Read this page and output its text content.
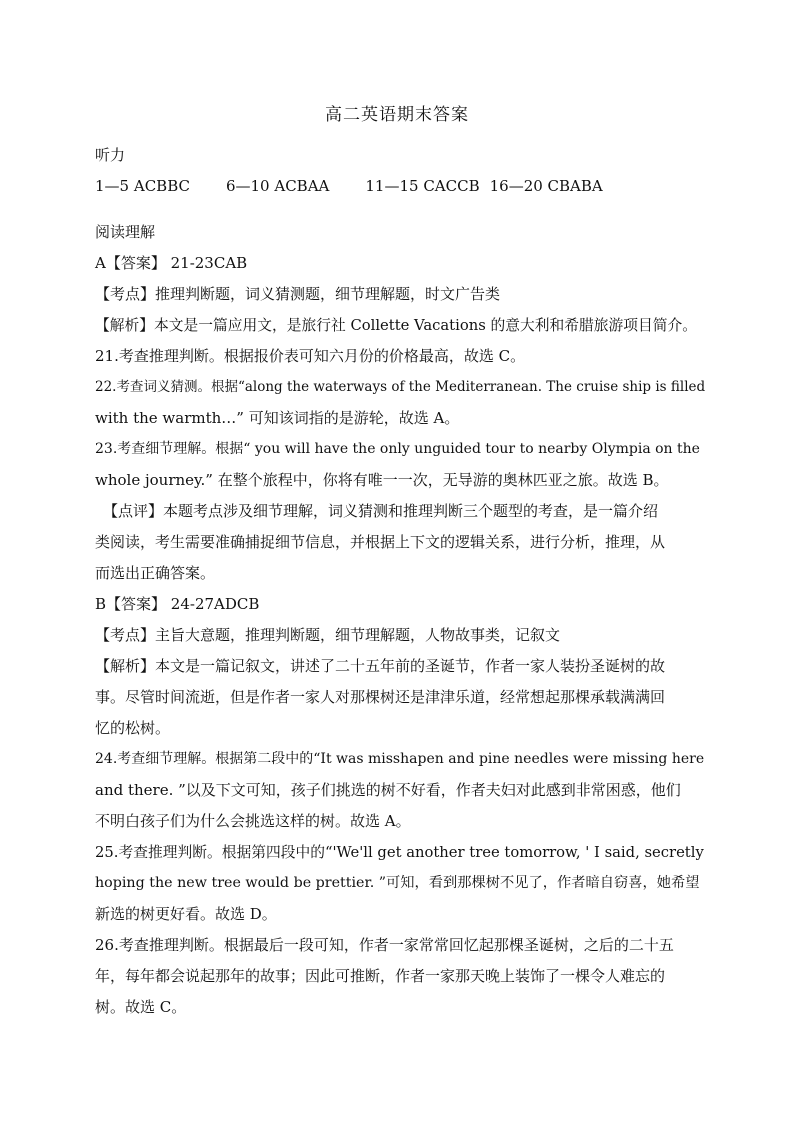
高二英语期末答案
听力
1—5 ACBBC 6—10 ACBAA 11—15 CACCB 16—20 CBABA
阅读理解
A【答案】 21-23CAB
【考点】推理判断题，词义猜测题，细节理解题，时文广告类
【解析】本文是一篇应用文，是旅行社 Collette Vacations 的意大利和希腊旅游项目简介。
21.考查推理判断。根据报价表可知六月份的价格最高，故选 C。
22.考查词义猜测。根据“along the waterways of the Mediterranean. The cruise ship is filled
with the warmth…” 可知该词指的是游轮，故选 A。
23.考查细节理解。根据“ you will have the only unguided tour to nearby Olympia on the
whole journey.” 在整个旅程中，你将有唯一一次，无导游的奥林匹亚之旅。故选 B。
【点评】本题考点涉及细节理解，词义猜测和推理判断三个题型的考查，是一篇介绍
类阅读，考生需要准确捕捉细节信息，并根据上下文的逻辑关系，进行分析，推理，从
而选出正确答案。
B【答案】 24-27ADCB
【考点】主旨大意题，推理判断题，细节理解题，人物故事类，记叙文
【解析】本文是一篇记叙文，讲述了二十五年前的圣诞节，作者一家人装扮圣诞树的故
事。尽管时间流逝，但是作者一家人对那棵树还是津津乐道，经常想起那棵承载满满回
忆的松树。
24.考查细节理解。根据第二段中的“It was misshapen and pine needles were missing here
and there. ”以及下文可知，孩子们挑选的树不好看，作者夫妇对此感到非常困惑，他们
不明白孩子们为什么会挑选这样的树。故选 A。
25.考查推理判断。根据第四段中的“'We'll get another tree tomorrow, ' I said, secretly
hoping the new tree would be prettier. ”可知，看到那棵树不见了，作者暗自窃喜，她希望
新选的树更好看。故选 D。
26.考查推理判断。根据最后一段可知，作者一家常常回忆起那棵圣诞树，之后的二十五
年，每年都会说起那年的故事；因此可推断，作者一家那天晚上装饰了一棵令人难忘的
树。故选 C。
